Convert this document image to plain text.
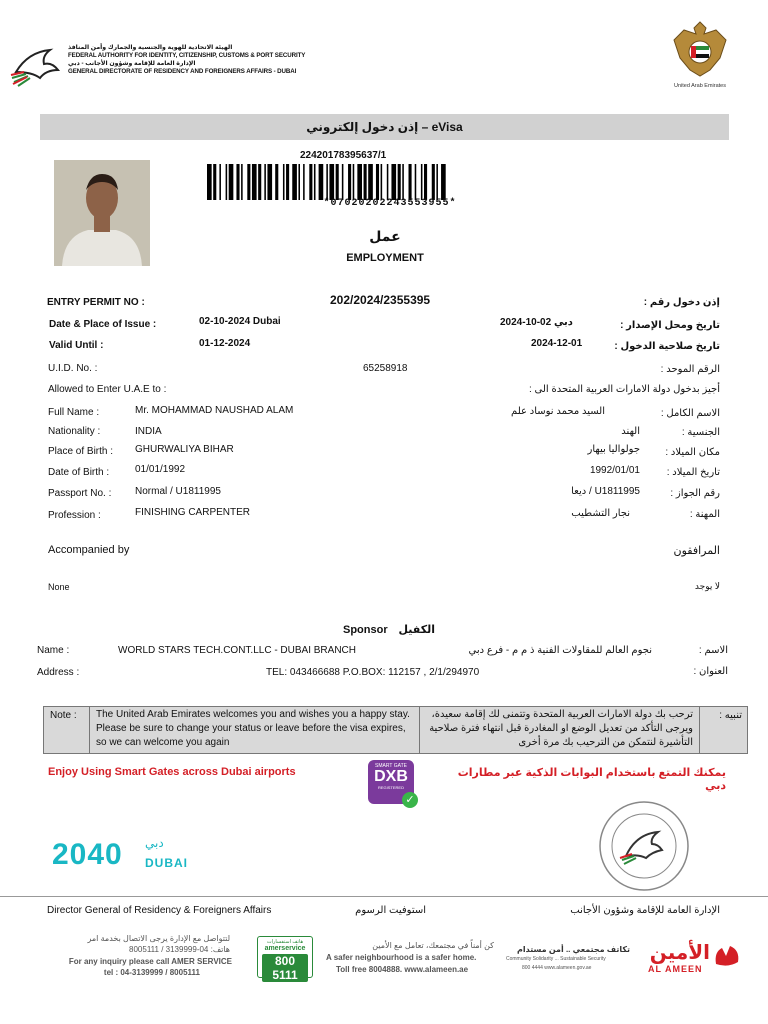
الهيئة الاتحادية للهوية والجنسية والجمارك وأمن المنافذ
FEDERAL AUTHORITY FOR IDENTITY, CITIZENSHIP, CUSTOMS & PORT SECURITY
الإدارة العامة للإقامة وشؤون الأجانب - دبي
GENERAL DIRECTORATE OF RESIDENCY AND FOREIGNERS AFFAIRS - DUBAI
United Arab Emirates
إذن دخول إلكتروني – eVisa
22420178395637/1
*07020202243553955*
عمل
EMPLOYMENT
ENTRY PERMIT NO :	202/2024/2355395	إذن دخول رقم :
Date & Place of Issue :	02-10-2024 Dubai	2024-10-02 دبي	تاريخ ومحل الإصدار :
Valid Until :	01-12-2024	2024-12-01	تاريخ صلاحية الدخول :
U.I.D. No. :	65258918	الرقم الموحد :
Allowed to Enter U.A.E to :	أجيز بدخول دولة الامارات العربية المتحدة الى :
Full Name :	Mr. MOHAMMAD NAUSHAD ALAM	السيد محمد نوساد علم	الاسم الكامل :
Nationality :	INDIA	الهند	الجنسية :
Place of Birth : GHURWALIYA BIHAR	جولواليا بيهار	مكان الميلاد :
Date of Birth :	01/01/1992	1992/01/01	تاريخ الميلاد :
Passport No. : Normal / U1811995	U1811995 / ديعا	رقم الجواز :
Profession :	FINISHING CARPENTER	نجار التشطيب	المهنة :
Accompanied by	المرافقون
None	لا يوجد
Sponsor الكفيل
Name :	WORLD STARS TECH.CONT.LLC - DUBAI BRANCH	نجوم العالم للمقاولات الفنية ذ م م - فرع دبي	الاسم :
Address :	TEL: 043466688 P.O.BOX: 112157 , 2/1/294970	العنوان :
Note :	The United Arab Emirates welcomes you and wishes you a happy stay. Please be sure to change your status or leave before the visa expires, so we can welcome you again
ترحب بك دولة الامارات العربية المتحدة وتتمنى لك إقامة سعيدة، ويرجى التأكد من تعديل الوضع او المغادرة قبل انتهاء فترة صلاحية التأشيرة لنتمكن من الترحيب بك مرة أخرى
تنبيه :
Enjoy Using Smart Gates across Dubai airports	يمكنك التمتع باستخدام البوابات الذكية عبر مطارات دبي
SMART GATE
DXB
REGISTERED
✓
2040 دبي
DUBAI
Director General of Residency & Foreigners Affairs	استوفيت الرسوم	الإدارة العامة للإقامة وشؤون الأجانب
لتتواصل مع الإدارة يرجى الاتصال بخدمة امر
هاتف: 04-3139999 / 8005111
For any inquiry please call AMER SERVICE
tel : 04-3139999 / 8005111
هاتف استفسارات
amerservice
800 5111
كن أمناً في مجتمعك، تعامل مع الأمين
A safer neighbourhood is a safer home.
Toll free 8004888. www.alameen.ae
تكاتف مجتمعي .. أمن مستدام
Community Solidarity ... Sustainable Security
800 4444 www.alameen.gov.ae
الأمين
AL AMEEN
